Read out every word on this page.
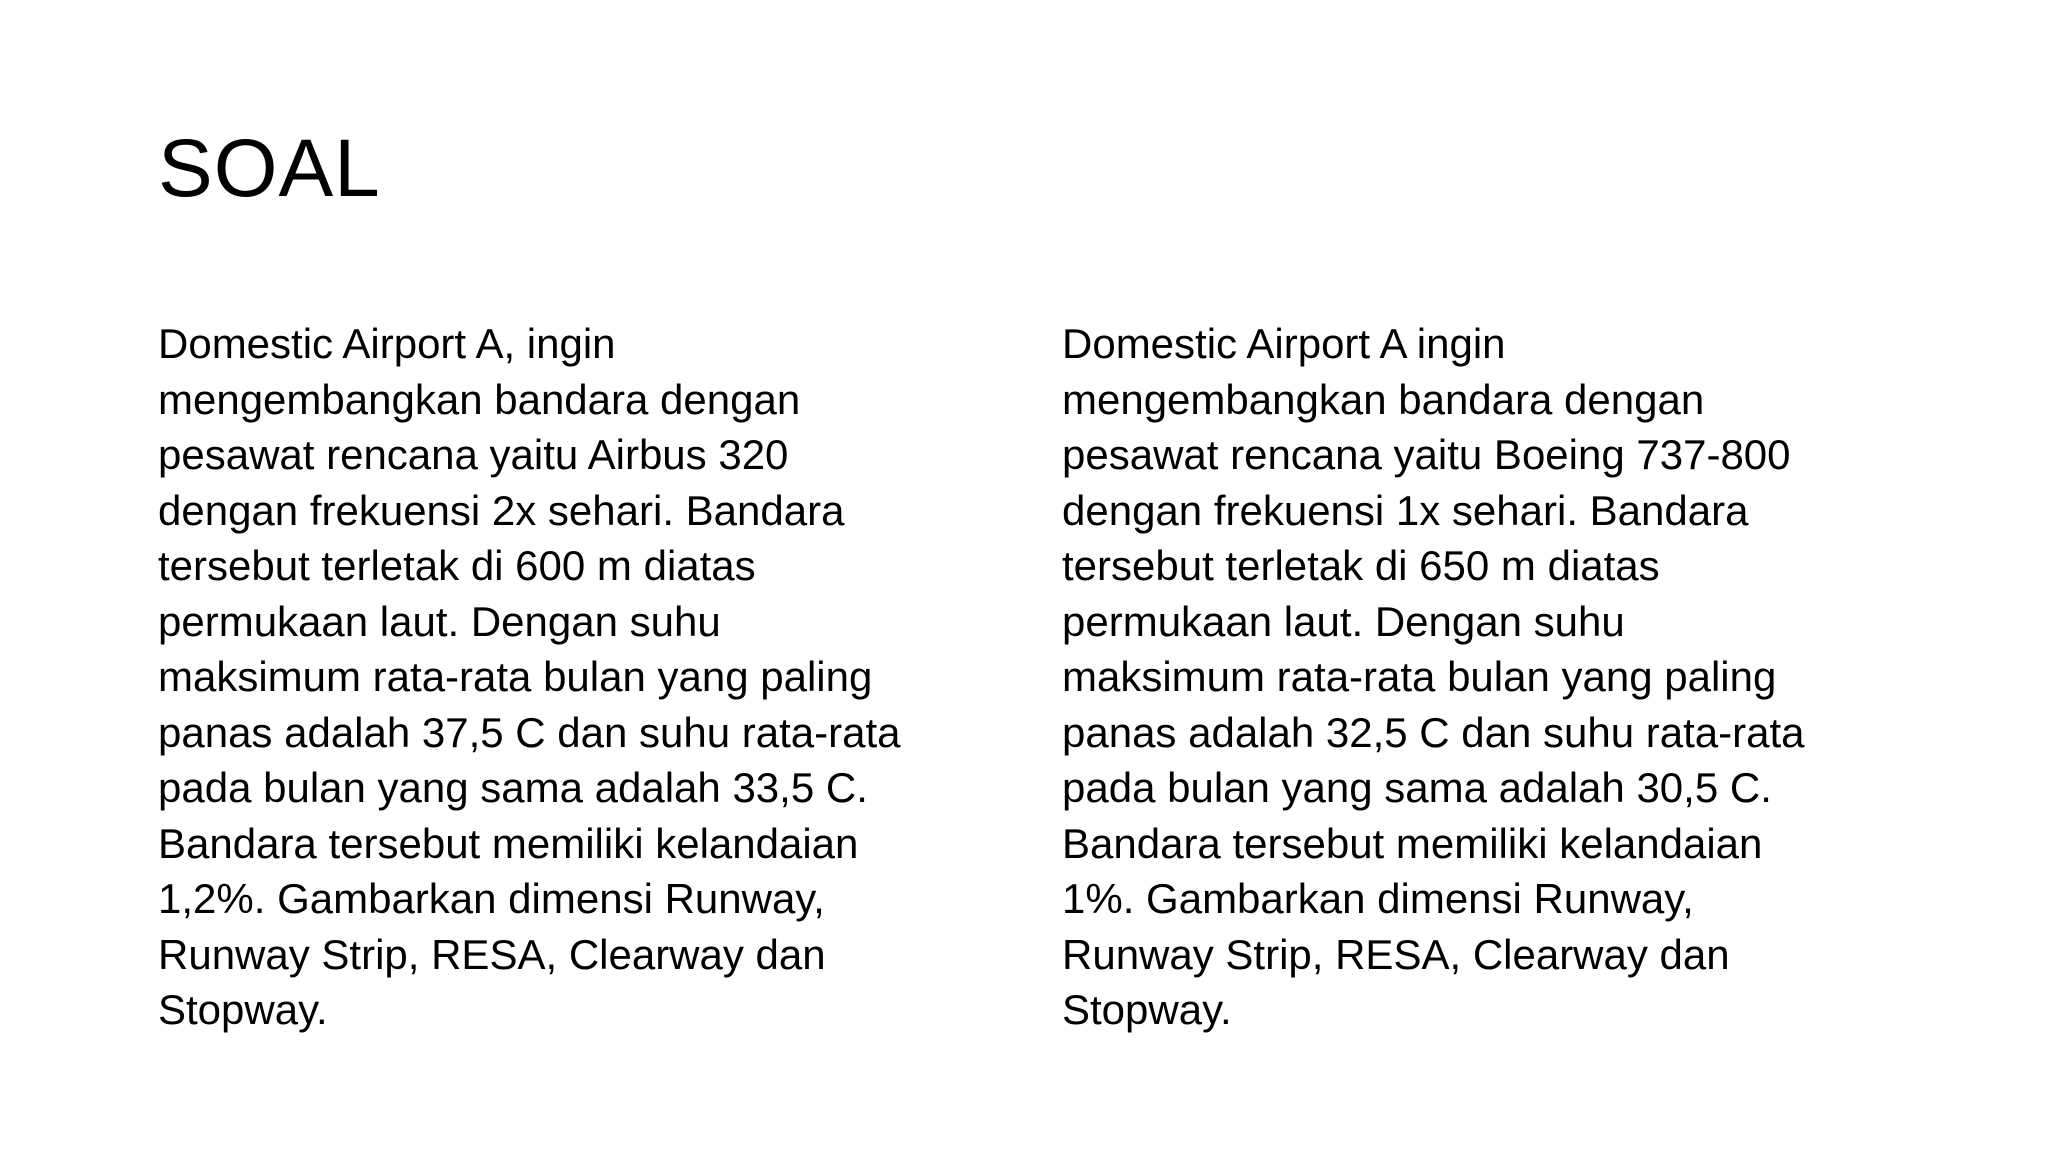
SOAL

Domestic Airport A, ingin
mengembangkan bandara dengan
pesawat rencana yaitu Airbus 320
dengan frekuensi 2x sehari. Bandara
tersebut terletak di 600 m diatas
permukaan laut. Dengan suhu
maksimum rata-rata bulan yang paling
panas adalah 37,5 C dan suhu rata-rata
pada bulan yang sama adalah 33,5 C.
Bandara tersebut memiliki kelandaian
1,2%. Gambarkan dimensi Runway,
Runway Strip, RESA, Clearway dan
Stopway.

Domestic Airport A ingin
mengembangkan bandara dengan
pesawat rencana yaitu Boeing 737-800
dengan frekuensi 1x sehari. Bandara
tersebut terletak di 650 m diatas
permukaan laut. Dengan suhu
maksimum rata-rata bulan yang paling
panas adalah 32,5 C dan suhu rata-rata
pada bulan yang sama adalah 30,5 C.
Bandara tersebut memiliki kelandaian
1%. Gambarkan dimensi Runway,
Runway Strip, RESA, Clearway dan
Stopway.
